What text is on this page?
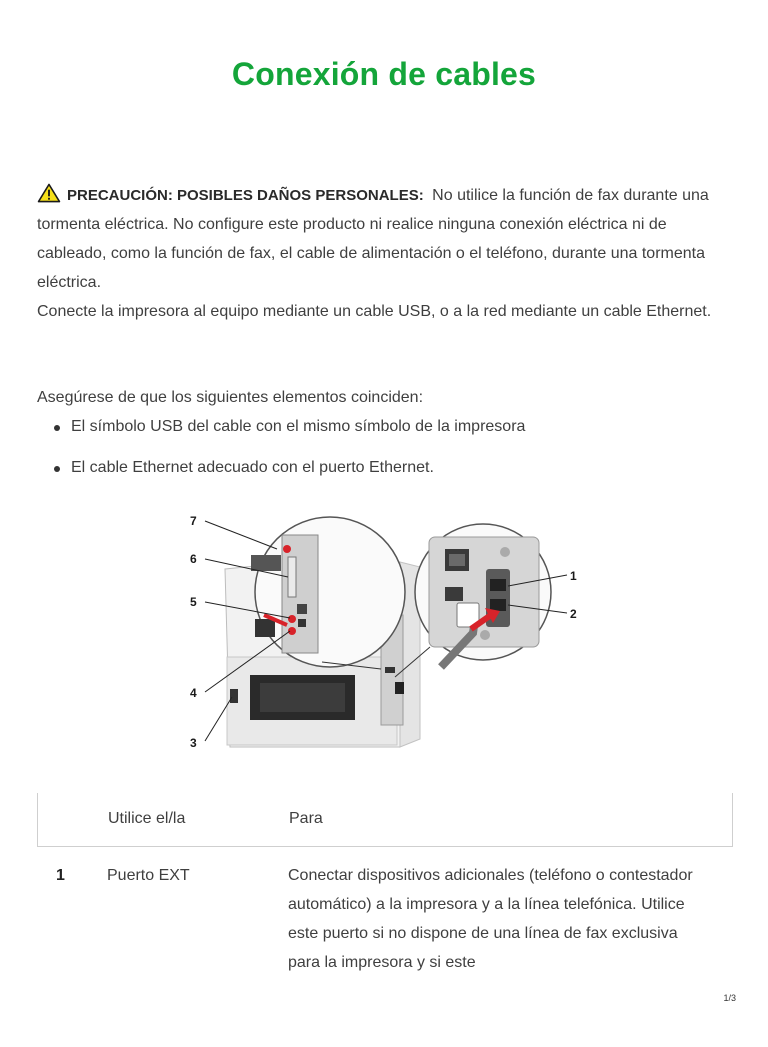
Conexión de cables
PRECAUCIÓN: POSIBLES DAÑOS PERSONALES: No utilice la función de fax durante una tormenta eléctrica. No configure este producto ni realice ninguna conexión eléctrica ni de cableado, como la función de fax, el cable de alimentación o el teléfono, durante una tormenta eléctrica.
Conecte la impresora al equipo mediante un cable USB, o a la red mediante un cable Ethernet.
Asegúrese de que los siguientes elementos coinciden:
El símbolo USB del cable con el mismo símbolo de la impresora
El cable Ethernet adecuado con el puerto Ethernet.
7
6
5
4
3
1
2
Utilice el/la	Para
1	Puerto EXT	Conectar dispositivos adicionales (teléfono o contestador automático) a la impresora y a la línea telefónica. Utilice este puerto si no dispone de una línea de fax exclusiva para la impresora y si este
1/3
